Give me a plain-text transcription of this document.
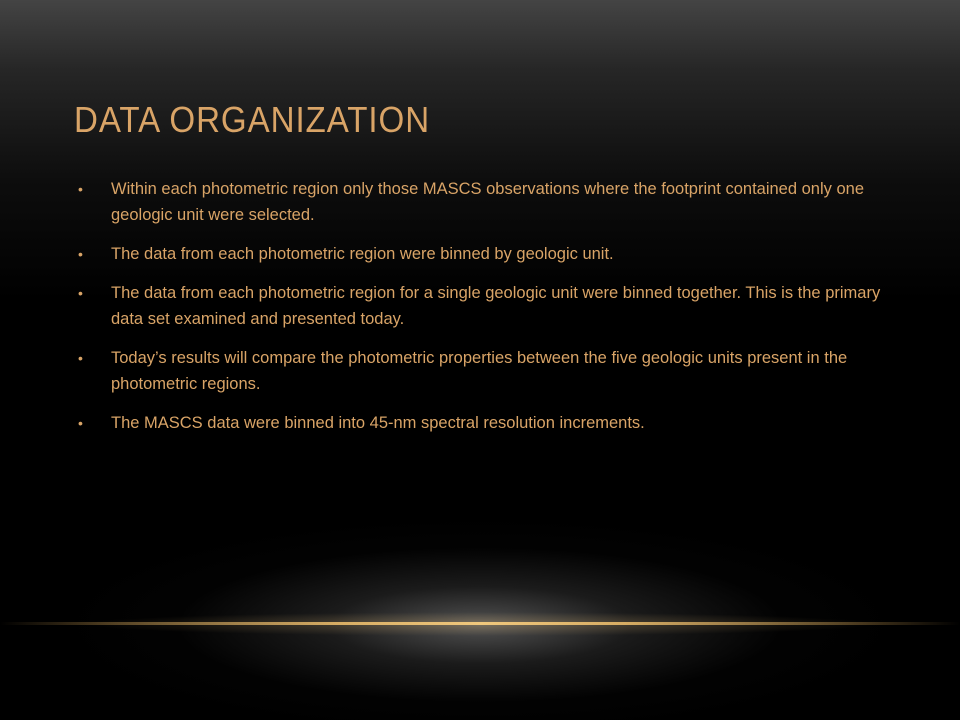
DATA ORGANIZATION
• Within each photometric region only those MASCS observations where the footprint contained only one geologic unit were selected.
• The data from each photometric region were binned by geologic unit.
• The data from each photometric region for a single geologic unit were binned together. This is the primary data set examined and presented today.
• Today’s results will compare the photometric properties between the five geologic units present in the photometric regions.
• The MASCS data were binned into 45-nm spectral resolution increments.
